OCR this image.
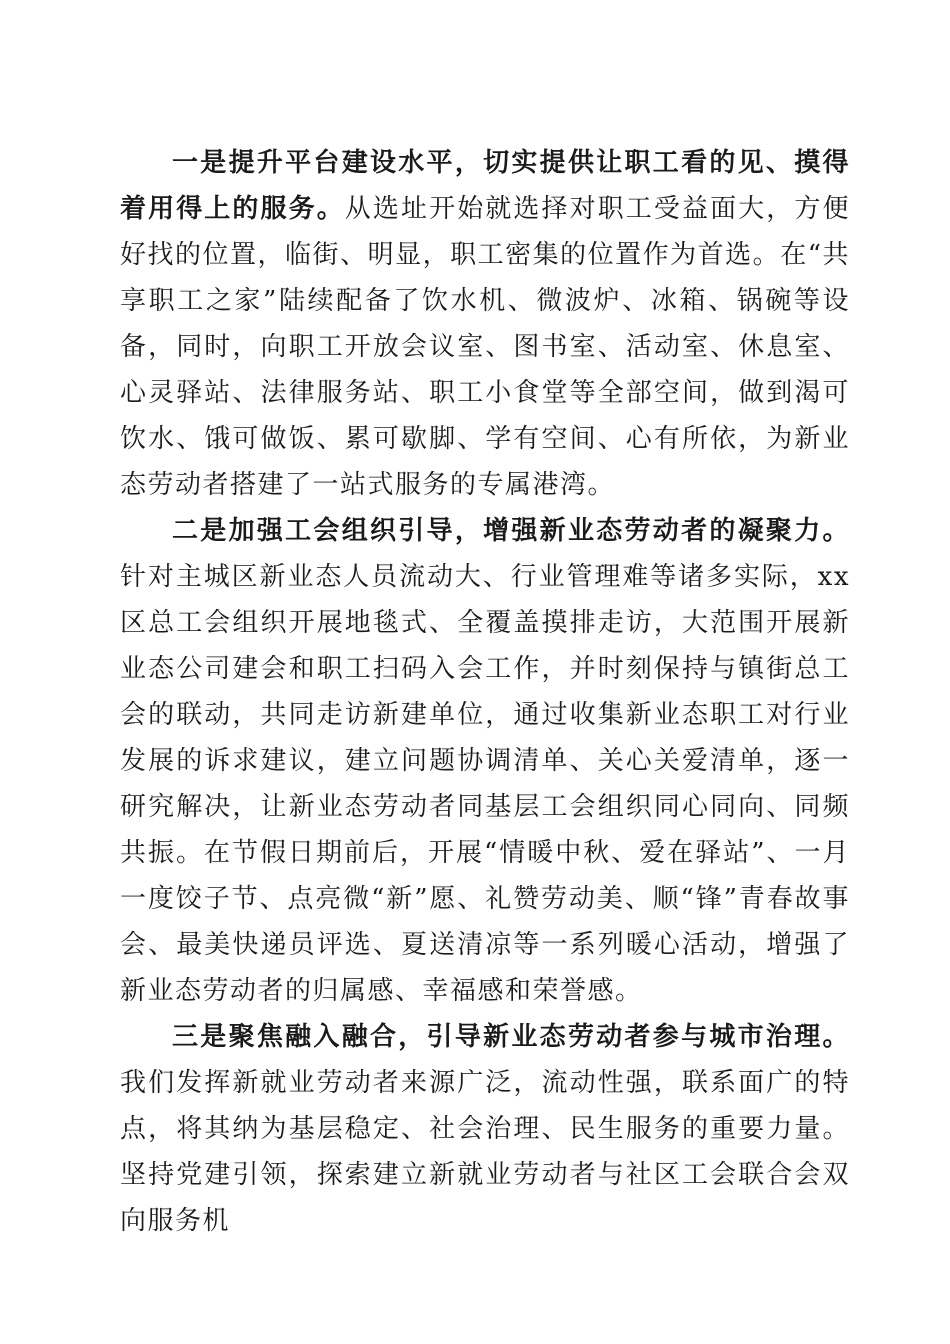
一是提升平台建设水平，切实提供让职工看的见、摸得着用得上的服务。从选址开始就选择对职工受益面大，方便好找的位置，临街、明显，职工密集的位置作为首选。在“共享职工之家”陆续配备了饮水机、微波炉、冰箱、锅碗等设备，同时，向职工开放会议室、图书室、活动室、休息室、心灵驿站、法律服务站、职工小食堂等全部空间，做到渴可饮水、饿可做饭、累可歇脚、学有空间、心有所依，为新业态劳动者搭建了一站式服务的专属港湾。

二是加强工会组织引导，增强新业态劳动者的凝聚力。针对主城区新业态人员流动大、行业管理难等诸多实际，xx区总工会组织开展地毯式、全覆盖摸排走访，大范围开展新业态公司建会和职工扫码入会工作，并时刻保持与镇街总工会的联动，共同走访新建单位，通过收集新业态职工对行业发展的诉求建议，建立问题协调清单、关心关爱清单，逐一研究解决，让新业态劳动者同基层工会组织同心同向、同频共振。在节假日期前后，开展“情暖中秋、爱在驿站”、一月一度饺子节、点亮微“新”愿、礼赞劳动美、顺“锋”青春故事会、最美快递员评选、夏送清凉等一系列暖心活动，增强了新业态劳动者的归属感、幸福感和荣誉感。

三是聚焦融入融合，引导新业态劳动者参与城市治理。我们发挥新就业劳动者来源广泛，流动性强，联系面广的特点，将其纳为基层稳定、社会治理、民生服务的重要力量。坚持党建引领，探索建立新就业劳动者与社区工会联合会双向服务机
